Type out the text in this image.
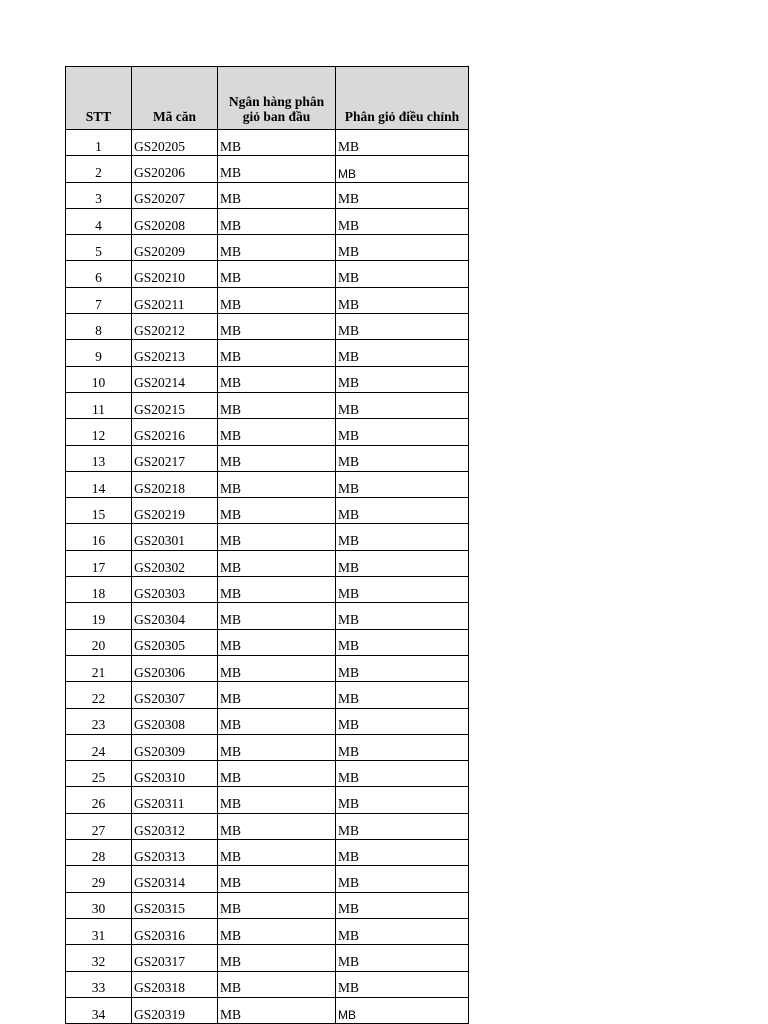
STT	Mã căn	Ngân hàng phân giỏ ban đầu	Phân giỏ điều chỉnh
1	GS20205	MB	MB
2	GS20206	MB	MB
3	GS20207	MB	MB
4	GS20208	MB	MB
5	GS20209	MB	MB
6	GS20210	MB	MB
7	GS20211	MB	MB
8	GS20212	MB	MB
9	GS20213	MB	MB
10	GS20214	MB	MB
11	GS20215	MB	MB
12	GS20216	MB	MB
13	GS20217	MB	MB
14	GS20218	MB	MB
15	GS20219	MB	MB
16	GS20301	MB	MB
17	GS20302	MB	MB
18	GS20303	MB	MB
19	GS20304	MB	MB
20	GS20305	MB	MB
21	GS20306	MB	MB
22	GS20307	MB	MB
23	GS20308	MB	MB
24	GS20309	MB	MB
25	GS20310	MB	MB
26	GS20311	MB	MB
27	GS20312	MB	MB
28	GS20313	MB	MB
29	GS20314	MB	MB
30	GS20315	MB	MB
31	GS20316	MB	MB
32	GS20317	MB	MB
33	GS20318	MB	MB
34	GS20319	MB	MB
